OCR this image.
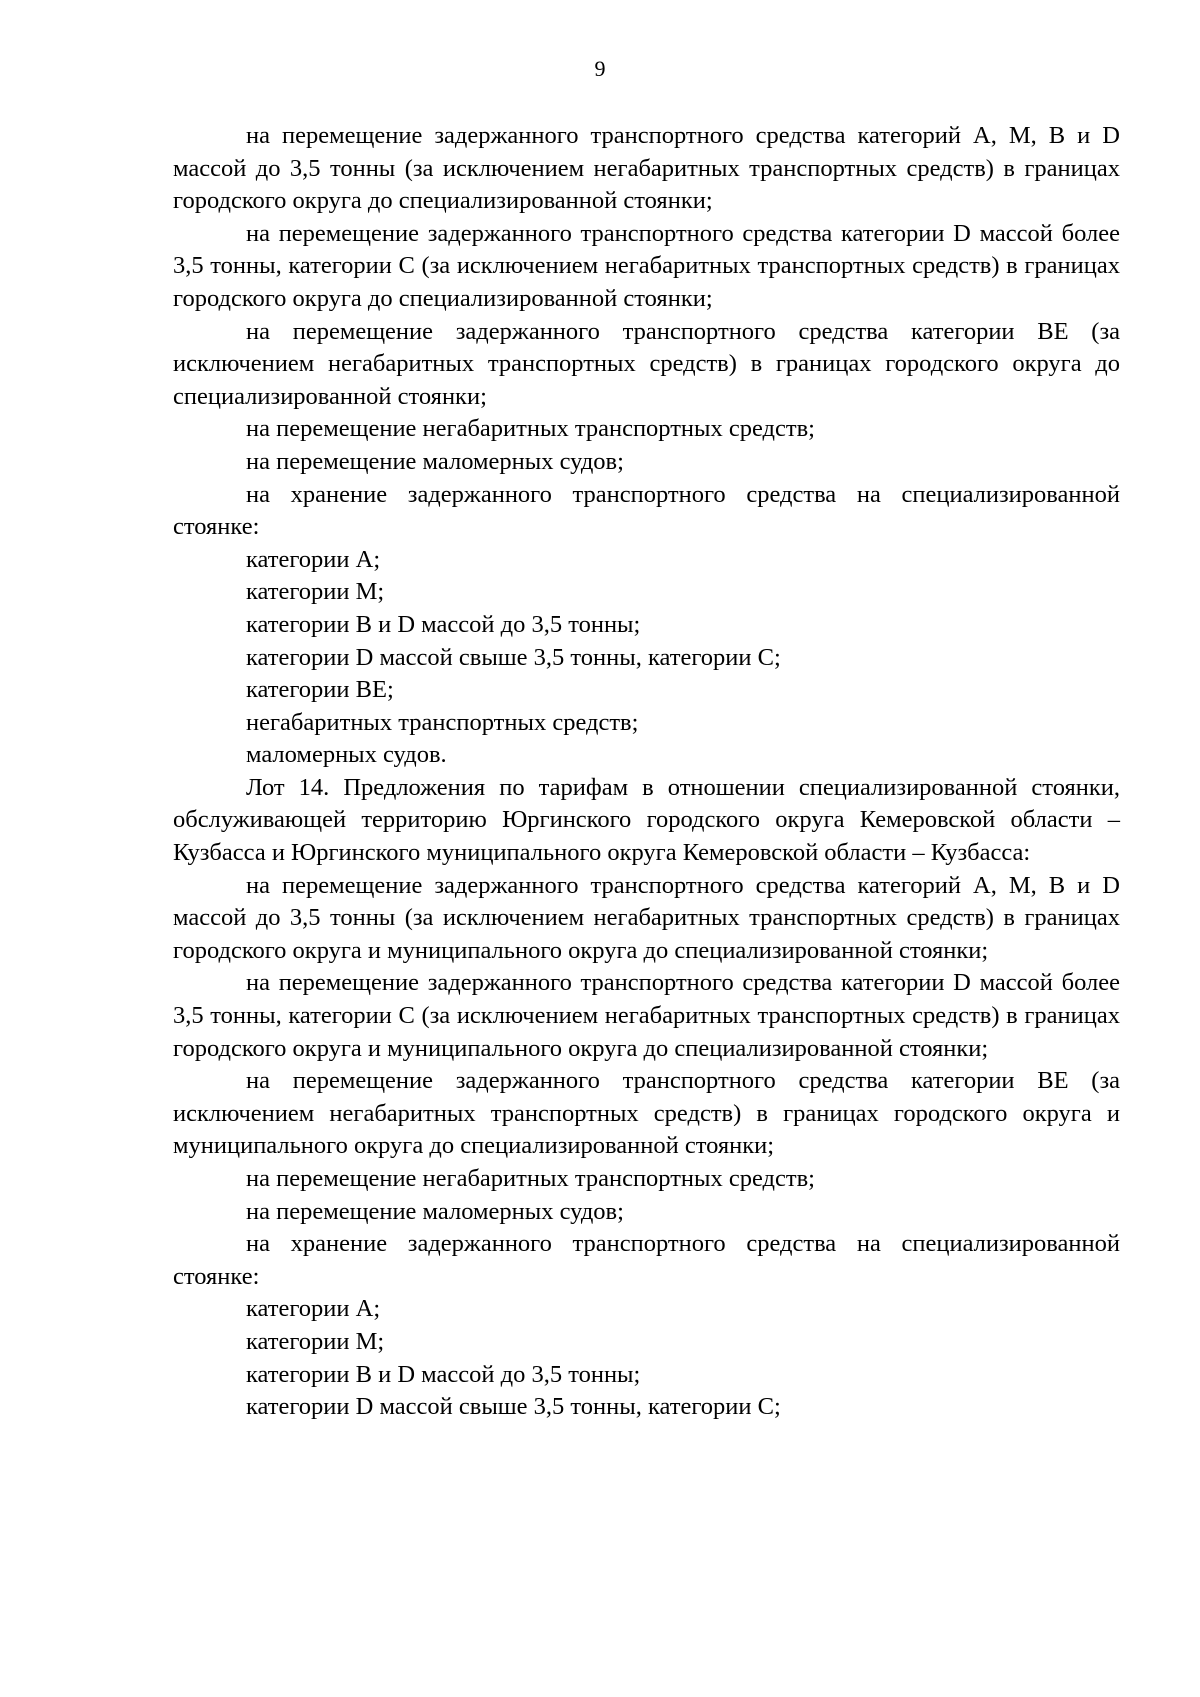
9

на перемещение задержанного транспортного средства категорий А, М, В и D массой до 3,5 тонны (за исключением негабаритных транспортных средств) в границах городского округа до специализированной стоянки;

на перемещение задержанного транспортного средства категории D массой более 3,5 тонны, категории С (за исключением негабаритных транспортных средств) в границах городского округа до специализированной стоянки;

на перемещение задержанного транспортного средства категории ВЕ (за исключением негабаритных транспортных средств) в границах городского округа до специализированной стоянки;

на перемещение негабаритных транспортных средств;

на перемещение маломерных судов;

на хранение задержанного транспортного средства на специализированной стоянке:

категории А;

категории М;

категории В и D массой до 3,5 тонны;

категории D массой свыше 3,5 тонны, категории С;

категории ВЕ;

негабаритных транспортных средств;

маломерных судов.

Лот 14. Предложения по тарифам в отношении специализированной стоянки, обслуживающей территорию Юргинского городского округа Кемеровской области – Кузбасса и Юргинского муниципального округа Кемеровской области – Кузбасса:

на перемещение задержанного транспортного средства категорий А, М, В и D массой до 3,5 тонны (за исключением негабаритных транспортных средств) в границах городского округа и муниципального округа до специализированной стоянки;

на перемещение задержанного транспортного средства категории D массой более 3,5 тонны, категории С (за исключением негабаритных транспортных средств) в границах городского округа и муниципального округа до специализированной стоянки;

на перемещение задержанного транспортного средства категории ВЕ (за исключением негабаритных транспортных средств) в границах городского округа и муниципального округа до специализированной стоянки;

на перемещение негабаритных транспортных средств;

на перемещение маломерных судов;

на хранение задержанного транспортного средства на специализированной стоянке:

категории А;

категории М;

категории В и D массой до 3,5 тонны;

категории D массой свыше 3,5 тонны, категории С;
